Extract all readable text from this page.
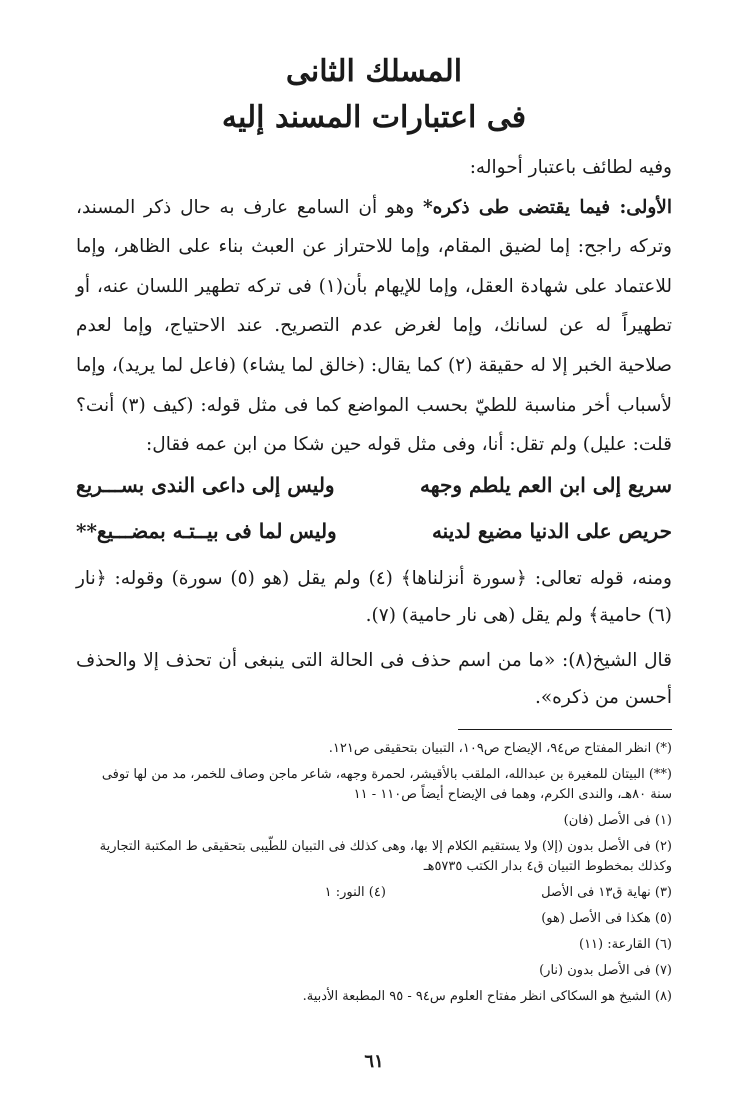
المسلك الثانى
فى اعتبارات المسند إليه

وفيه لطائف باعتبار أحواله:

الأولى: فيما يقتضى طى ذكره* وهو أن السامع عارف به حال ذكر المسند، وتركه راجح: إما لضيق المقام، وإما للاحتراز عن العبث بناء على الظاهر، وإما للاعتماد على شهادة العقل، وإما للإيهام بأن(١) فى تركه تطهير اللسان عنه، أو تطهيراً له عن لسانك، وإما لغرض عدم التصريح. عند الاحتياج، وإما لعدم صلاحية الخبر إلا له حقيقة (٢) كما يقال: (خالق لما يشاء) (فاعل لما يريد)، وإما لأسباب أخر مناسبة للطيّ بحسب المواضع كما فى مثل قوله: (كيف (٣) أنت؟ قلت: عليل) ولم تقل: أنا، وفى مثل قوله حين شكا من ابن عمه فقال:

سريع إلى ابن العم يلطم وجهه
وليس إلى داعى الندى بســـريع
حريص على الدنيا مضيع لدينه
وليس لما فى بيــتـه بمضـــيع**

ومنه، قوله تعالى: ﴿سورة أنزلناها﴾ (٤) ولم يقل (هو (٥) سورة) وقوله: ﴿نار (٦) حامية﴾ ولم يقل (هى نار حامية) (٧).

قال الشيخ(٨): «ما من اسم حذف فى الحالة التى ينبغى أن تحذف إلا والحذف أحسن من ذكره».

(*) انظر المفتاح ص٩٤، الإيضاح ص١٠٩، التبيان بتحقيقى ص١٢١.

(**) البيتان للمغيرة بن عبدالله، الملقب بالأقيشر، لحمرة وجهه، شاعر ماجن وصاف للخمر، مد من لها توفى سنة ٨٠هـ، والندى الكرم، وهما فى الإيضاح أيضاً ص١١٠ - ١١

(١) فى الأصل (فان)

(٢) فى الأصل بدون (إلا) ولا يستقيم الكلام إلا بها، وهى كذلك فى التبيان للطّيبى بتحقيقى ط المكتبة التجارية وكذلك بمخطوط التبيان ق٤ بدار الكتب ٥٧٣٥هـ

(٣) نهاية ق١٣ فى الأصل
(٤) النور: ١

(٥) هكذا فى الأصل (هو)

(٦) القارعة: (١١)

(٧) فى الأصل بدون (نار)

(٨) الشيخ هو السكاكى انظر مفتاح العلوم س٩٤ - ٩٥ المطبعة الأدبية.

٦١
